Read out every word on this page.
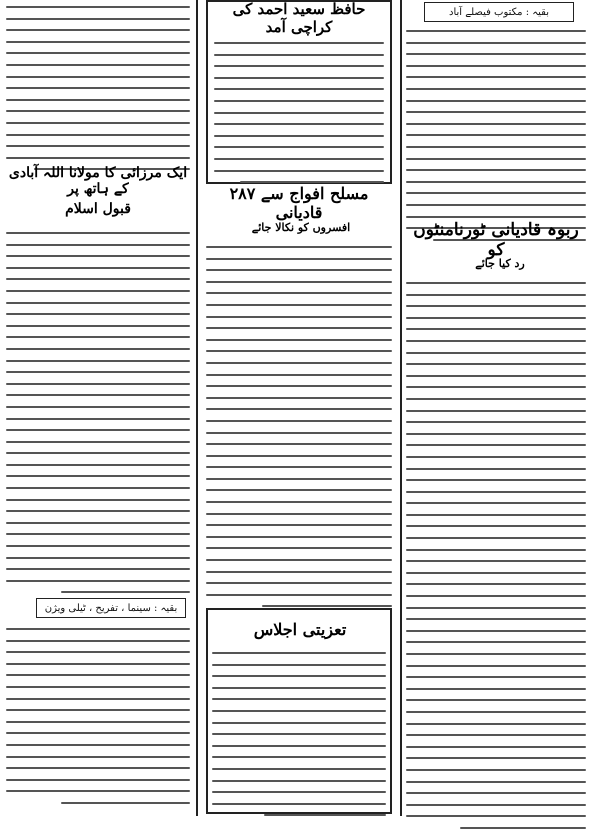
بقیہ : مکتوب فیصلے آباد
ربوہ قادیانی ٹورنامنٹوں کو
رد کیا جائے
حافظ سعید احمد کی کراچی آمد
مسلح افواج سے ۲۸۷ قادیانی
افسروں کو نکالا جائے
تعزیتی اجلاس
ایک مرزائی کا مولانا اللہ آبادی کے ہاتھ پر
قبول اسلام
بقیہ : سینما ، تفریح ، ٹیلی ویژن
